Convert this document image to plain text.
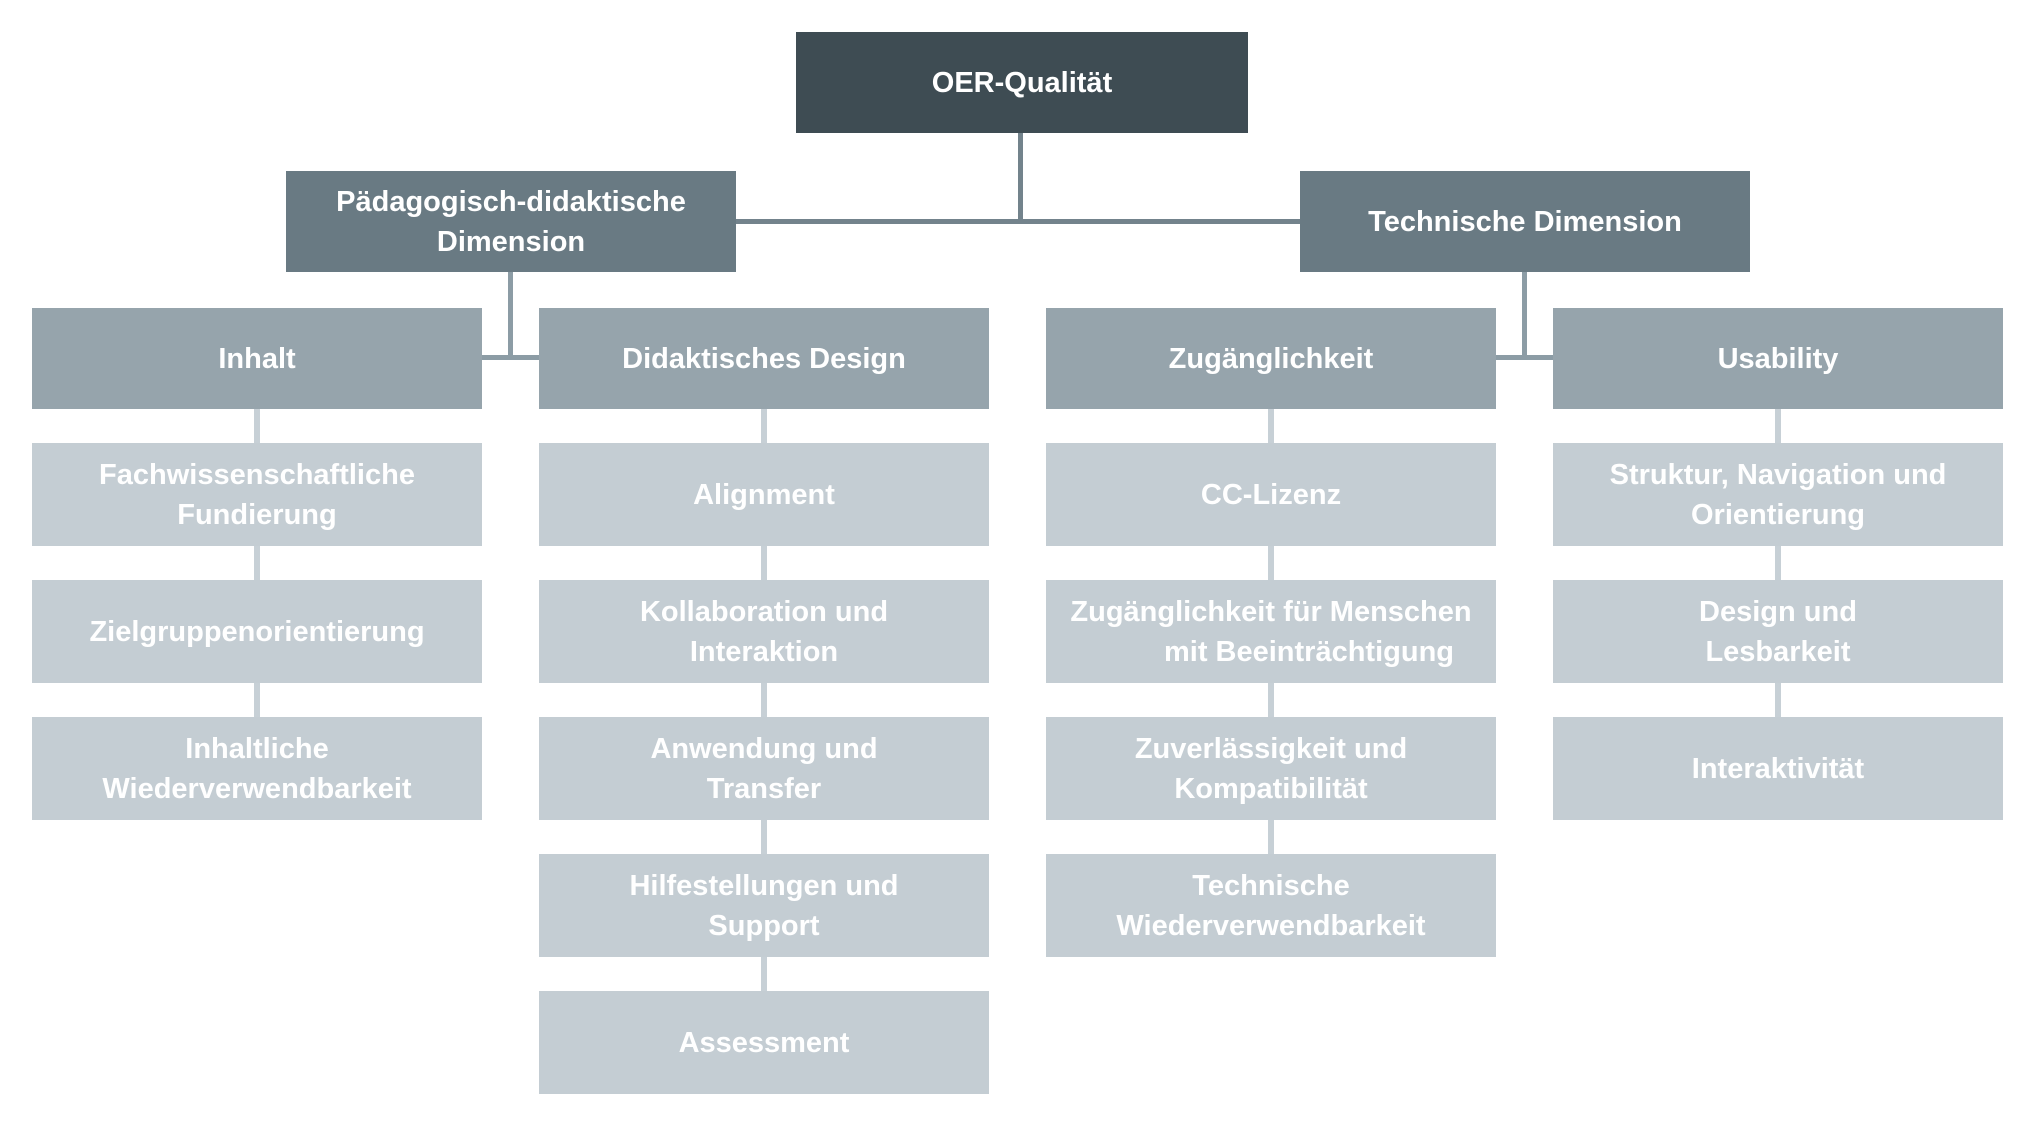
OER-Qualität
Pädagogisch-didaktische
Dimension
Technische Dimension
Inhalt	Didaktisches Design	Zugänglichkeit	Usability
Fachwissenschaftliche
Fundierung
Zielgruppenorientierung
Inhaltliche
Wiederverwendbarkeit
Alignment
Kollaboration und
Interaktion
Anwendung und
Transfer
Hilfestellungen und
Support
Assessment
CC-Lizenz
Zugänglichkeit für Menschen
mit Beeinträchtigung
Zuverlässigkeit und
Kompatibilität
Technische
Wiederverwendbarkeit
Struktur, Navigation und
Orientierung
Design und
Lesbarkeit
Interaktivität
